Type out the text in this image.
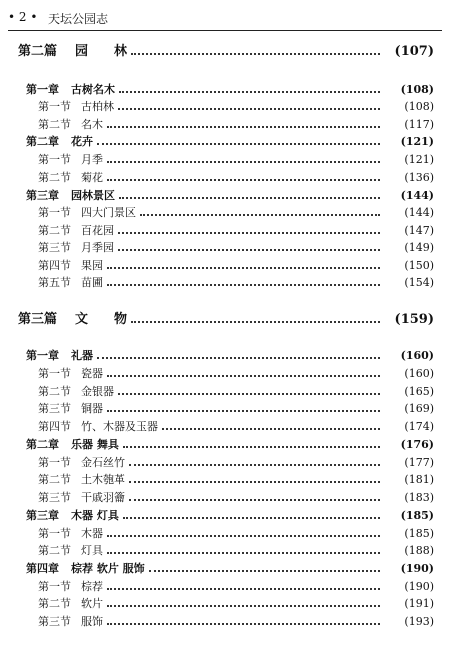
• 2 • 天坛公园志
第二篇 园　　林	(107)
第一章 古树名木	(108)
第一节 古柏林	(108)
第二节 名木	(117)
第二章 花卉	(121)
第一节 月季	(121)
第二节 菊花	(136)
第三章 园林景区	(144)
第一节 四大门景区	(144)
第二节 百花园	(147)
第三节 月季园	(149)
第四节 果园	(150)
第五节 苗圃	(154)
第三篇 文　　物	(159)
第一章 礼器	(160)
第一节 瓷器	(160)
第二节 金银器	(165)
第三节 铜器	(169)
第四节 竹、木器及玉器	(174)
第二章 乐器 舞具	(176)
第一节 金石丝竹	(177)
第二节 土木匏革	(181)
第三节 干戚羽籥	(183)
第三章 木器 灯具	(185)
第一节 木器	(185)
第二节 灯具	(188)
第四章 棕荐 软片 服饰	(190)
第一节 棕荐	(190)
第二节 软片	(191)
第三节 服饰	(193)
